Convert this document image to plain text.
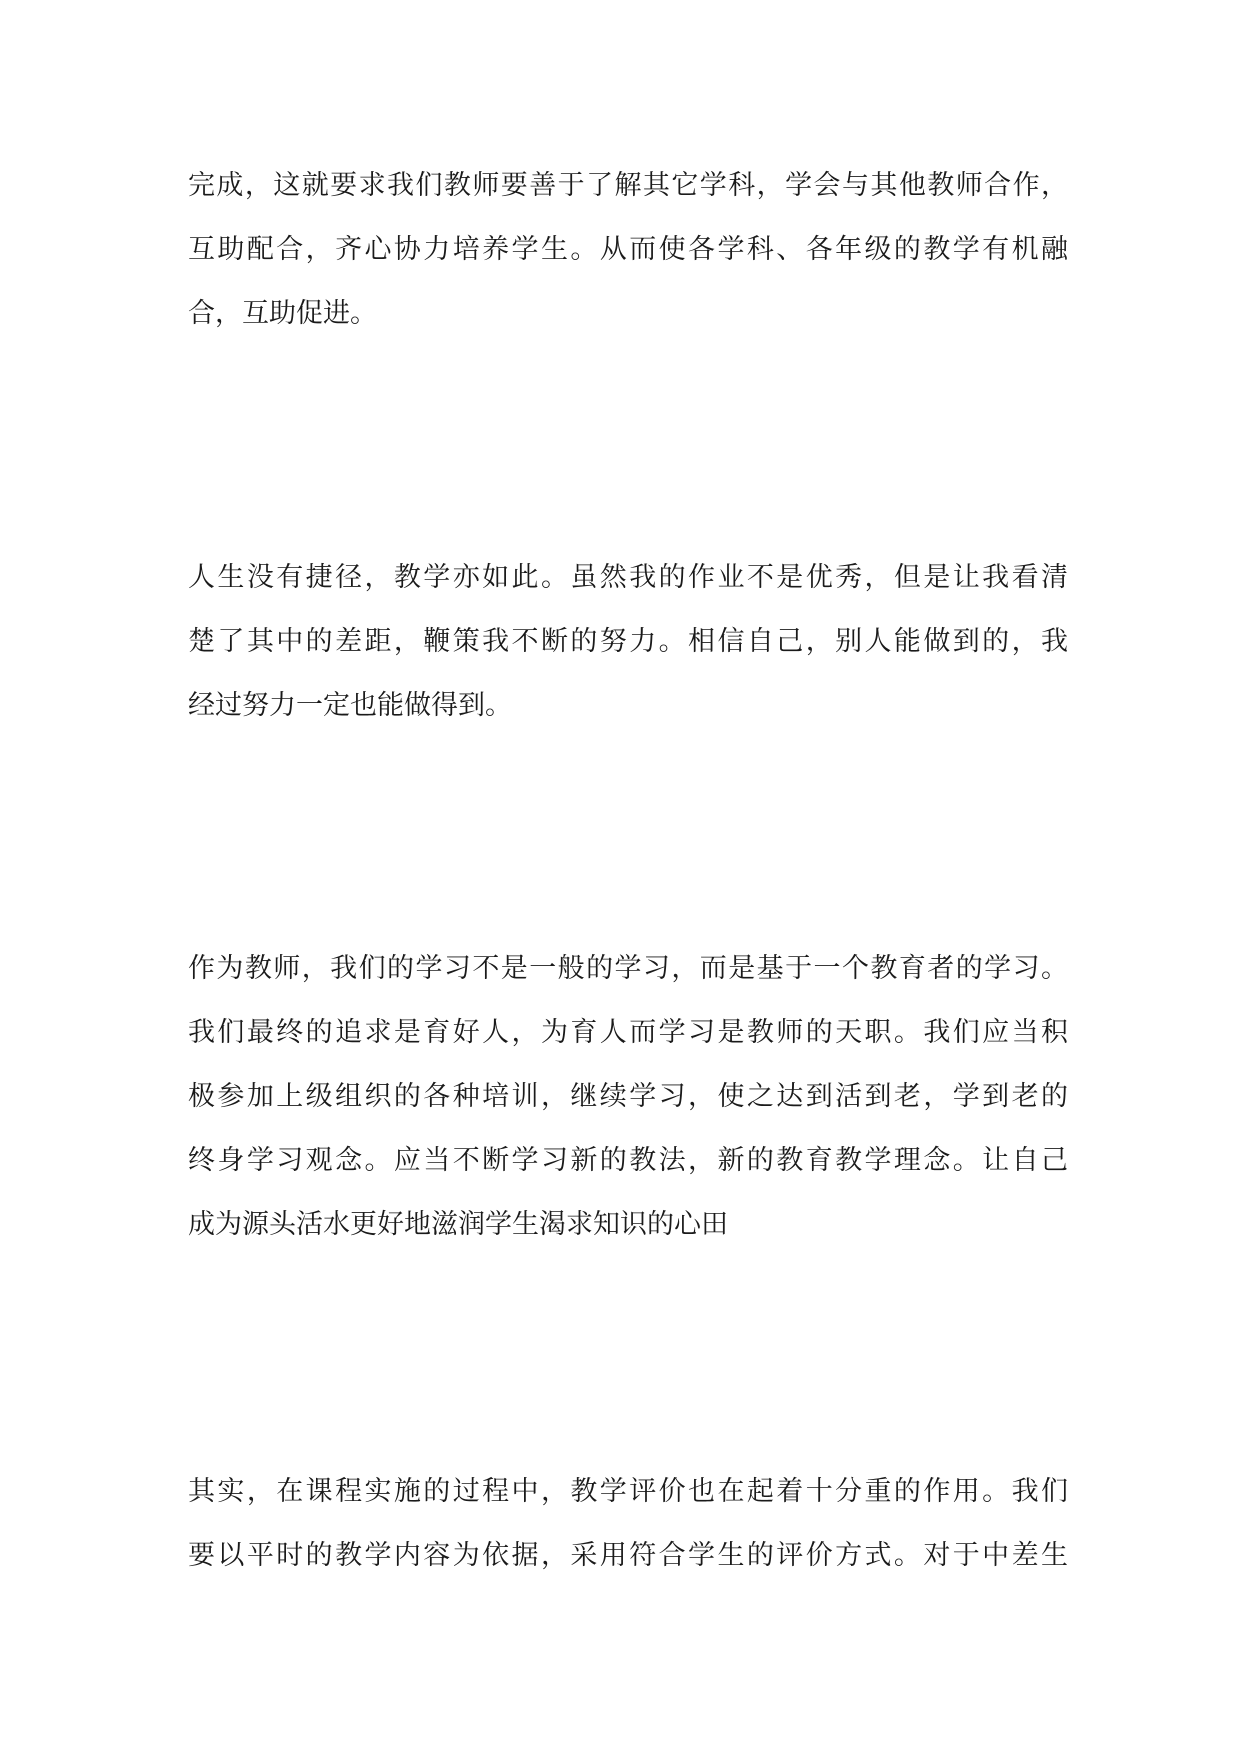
完成，这就要求我们教师要善于了解其它学科，学会与其他教师合作，
互助配合，齐心协力培养学生。从而使各学科、各年级的教学有机融
合，互助促进。
人生没有捷径，教学亦如此。虽然我的作业不是优秀，但是让我看清
楚了其中的差距，鞭策我不断的努力。相信自己，别人能做到的，我
经过努力一定也能做得到。
作为教师，我们的学习不是一般的学习，而是基于一个教育者的学习。
我们最终的追求是育好人，为育人而学习是教师的天职。我们应当积
极参加上级组织的各种培训，继续学习，使之达到活到老，学到老的
终身学习观念。应当不断学习新的教法，新的教育教学理念。让自己
成为源头活水更好地滋润学生渴求知识的心田
其实，在课程实施的过程中，教学评价也在起着十分重的作用。我们
要以平时的教学内容为依据，采用符合学生的评价方式。对于中差生
